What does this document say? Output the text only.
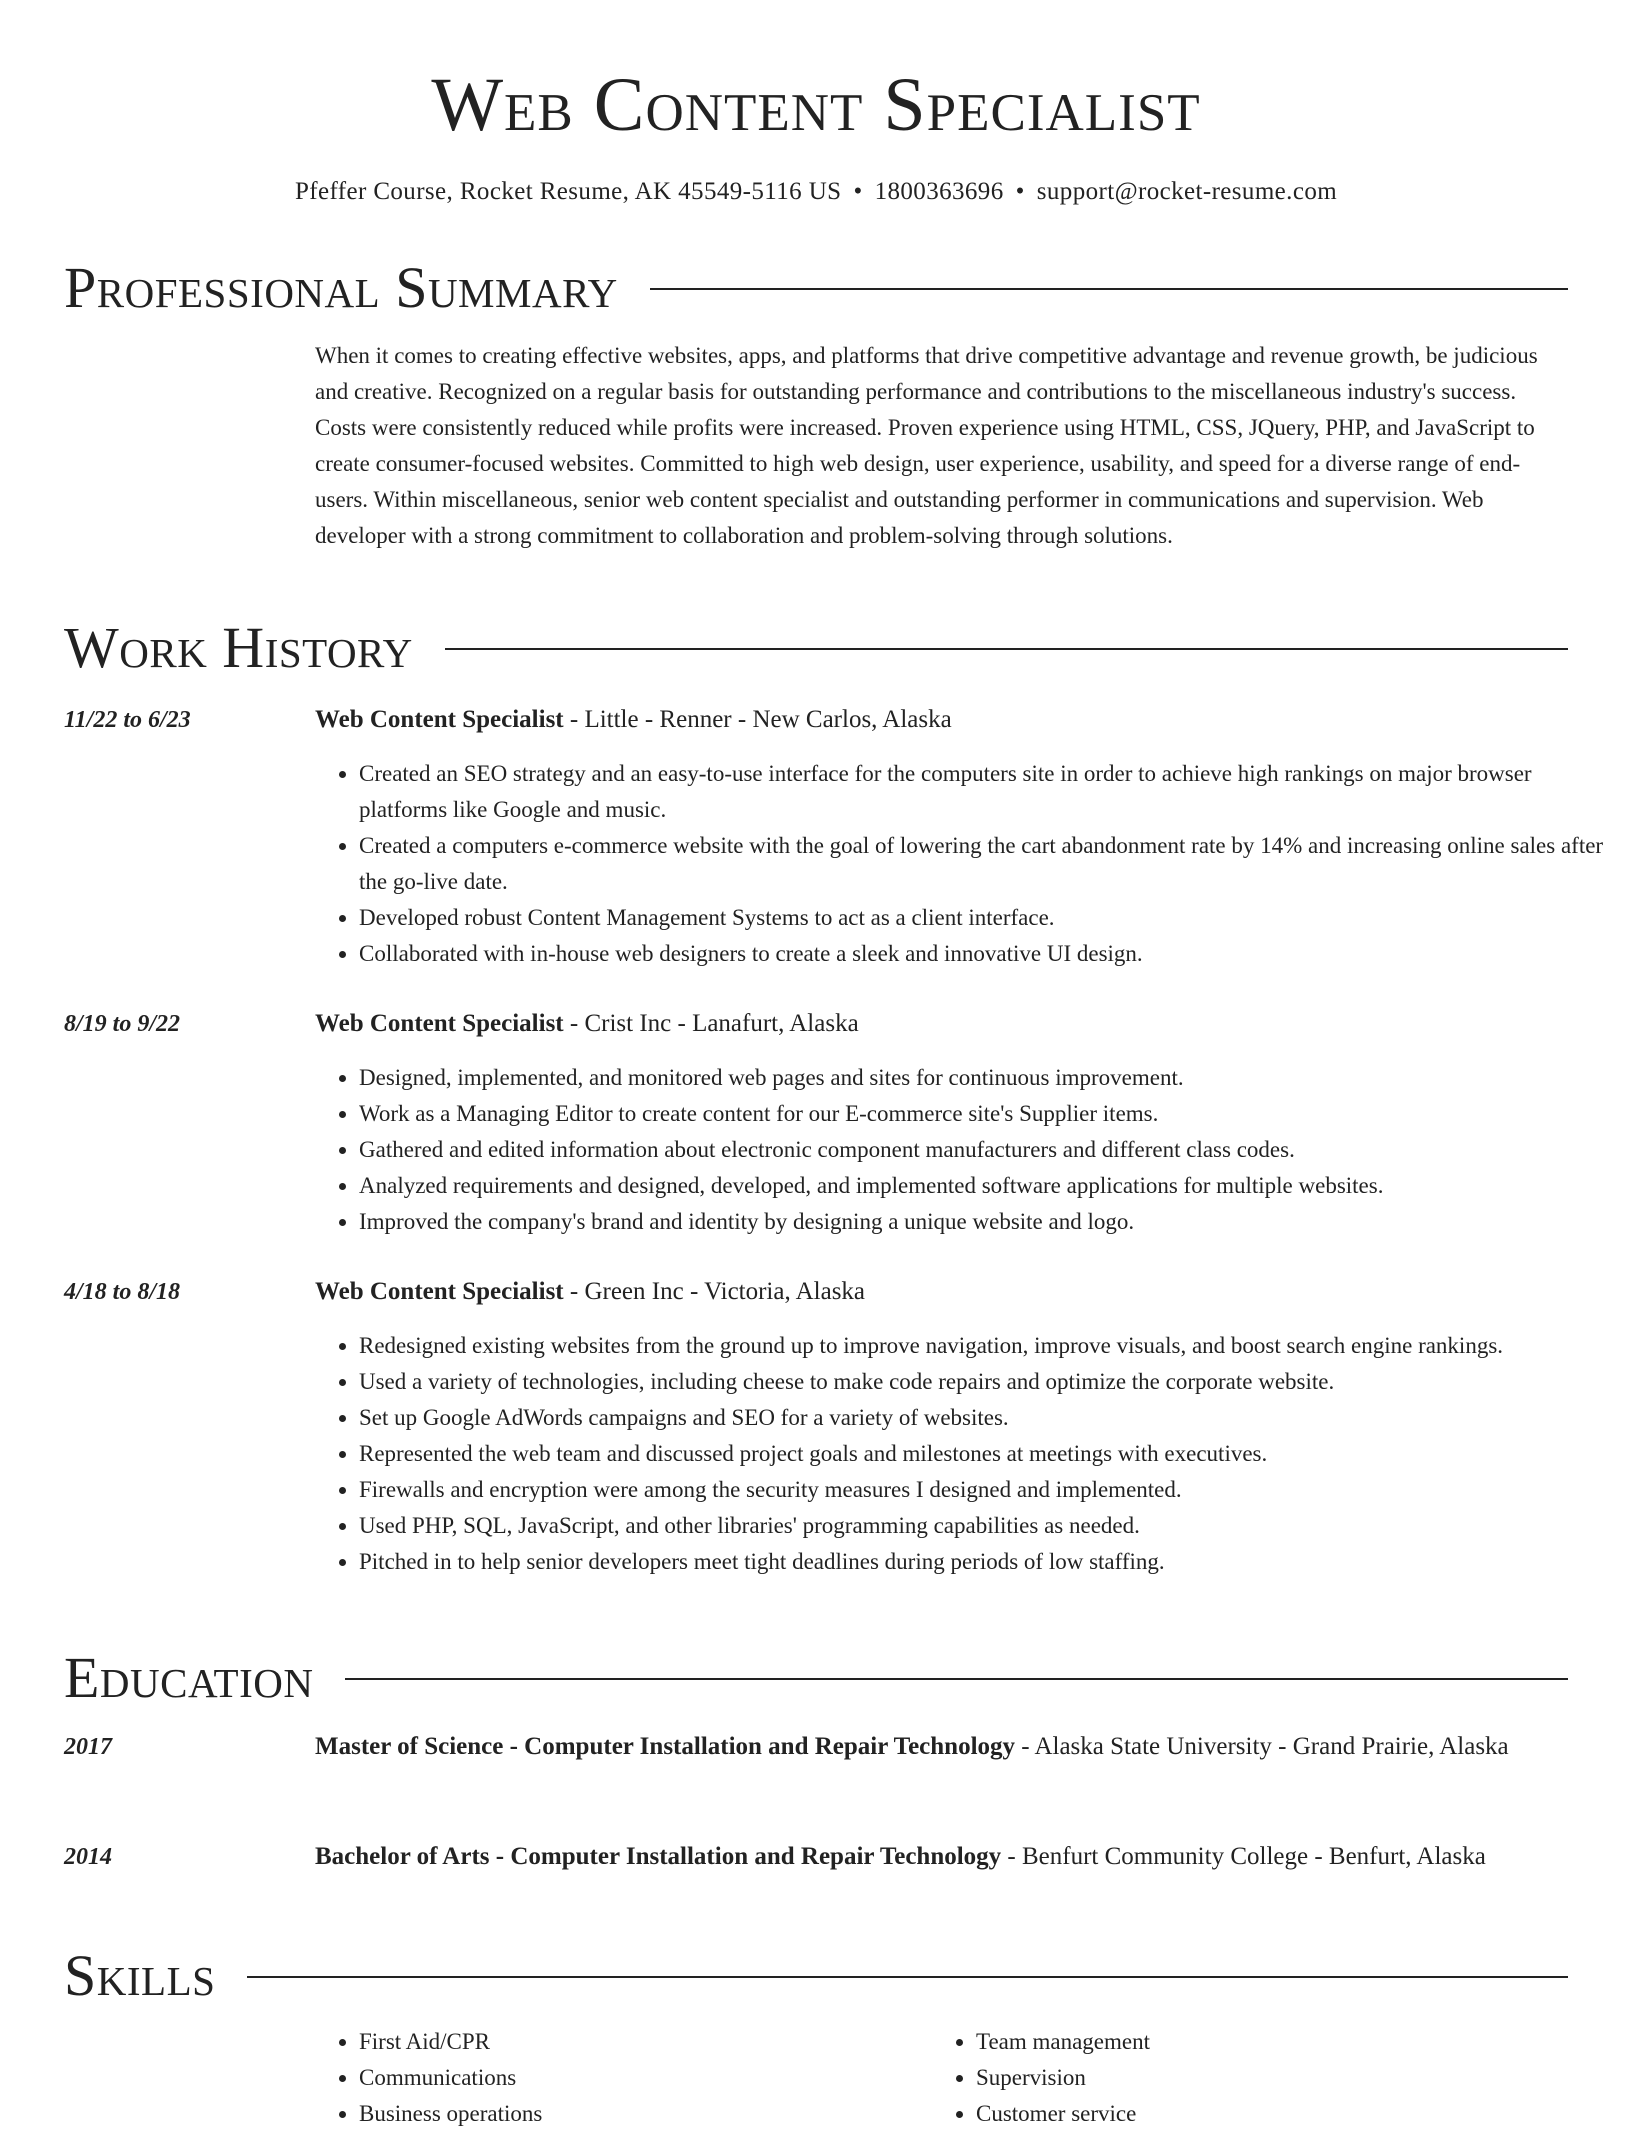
Web Content Specialist
Pfeffer Course, Rocket Resume, AK 45549-5116 US • 1800363696 • support@rocket-resume.com
Professional Summary

When it comes to creating effective websites, apps, and platforms that drive competitive advantage and revenue growth, be judicious and creative. Recognized on a regular basis for outstanding performance and contributions to the miscellaneous industry's success. Costs were consistently reduced while profits were increased. Proven experience using HTML, CSS, JQuery, PHP, and JavaScript to create consumer-focused websites. Committed to high web design, user experience, usability, and speed for a diverse range of end-users. Within miscellaneous, senior web content specialist and outstanding performer in communications and supervision. Web developer with a strong commitment to collaboration and problem-solving through solutions.

Work History
11/22 to 6/23	Web Content Specialist - Little - Renner - New Carlos, Alaska
• Created an SEO strategy and an easy-to-use interface for the computers site in order to achieve high rankings on major browser platforms like Google and music.
• Created a computers e-commerce website with the goal of lowering the cart abandonment rate by 14% and increasing online sales after the go-live date.
• Developed robust Content Management Systems to act as a client interface.
• Collaborated with in-house web designers to create a sleek and innovative UI design.
8/19 to 9/22	Web Content Specialist - Crist Inc - Lanafurt, Alaska
• Designed, implemented, and monitored web pages and sites for continuous improvement.
• Work as a Managing Editor to create content for our E-commerce site's Supplier items.
• Gathered and edited information about electronic component manufacturers and different class codes.
• Analyzed requirements and designed, developed, and implemented software applications for multiple websites.
• Improved the company's brand and identity by designing a unique website and logo.
4/18 to 8/18	Web Content Specialist - Green Inc - Victoria, Alaska
• Redesigned existing websites from the ground up to improve navigation, improve visuals, and boost search engine rankings.
• Used a variety of technologies, including cheese to make code repairs and optimize the corporate website.
• Set up Google AdWords campaigns and SEO for a variety of websites.
• Represented the web team and discussed project goals and milestones at meetings with executives.
• Firewalls and encryption were among the security measures I designed and implemented.
• Used PHP, SQL, JavaScript, and other libraries' programming capabilities as needed.
• Pitched in to help senior developers meet tight deadlines during periods of low staffing.
Education
2017	Master of Science - Computer Installation and Repair Technology - Alaska State University - Grand Prairie, Alaska
2014	Bachelor of Arts - Computer Installation and Repair Technology - Benfurt Community College - Benfurt, Alaska
Skills
• First Aid/CPR
• Communications
• Business operations
• Team management
• Supervision
• Customer service
